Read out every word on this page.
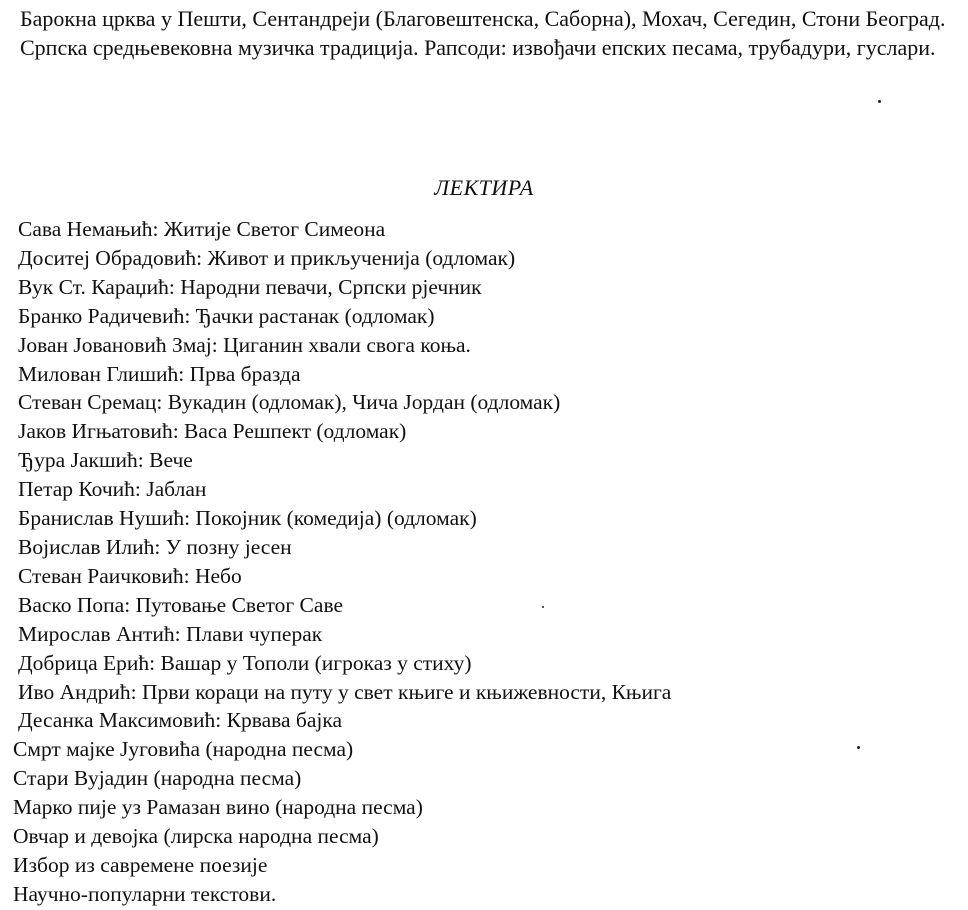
Барокна црква у Пешти, Сентандреји (Благовештенска, Саборна), Мохач, Сегедин, Стони Београд.

Српска средњевековна музичка традиција. Рапсоди: извођачи епских песама, трубадури, гуслари.

ЛЕКТИРА
Сава Немањић: Житије Светог Симеона
Доситеј Обрадовић: Живот и прикљученија (одломак)
Вук Ст. Караџић: Народни певачи, Српски рјечник
Бранко Радичевић: Ђачки растанак (одломак)
Јован Јовановић Змај: Циганин хвали свога коња.
Милован Глишић: Прва бразда
Стеван Сремац: Вукадин (одломак), Чича Јордан (одломак)
Јаков Игњатовић: Васа Решпект (одломак)
Ђура Јакшић: Вече
Петар Кочић: Јаблан
Бранислав Нушић: Покојник (комедија) (одломак)
Војислав Илић: У позну јесен
Стеван Раичковић: Небо
Васко Попа: Путовање Светог Саве
Мирослав Антић: Плави чуперак
Добрица Ерић: Вашар у Тополи (игроказ у стиху)
Иво Андрић: Први кораци на путу у свет књиге и књижевности, Књига
Десанка Максимовић: Крвава бајка
Смрт мајке Југовића (народна песма)
Стари Вујадин (народна песма)
Марко пије уз Рамазан вино (народна песма)
Овчар и девојка (лирска народна песма)
Избор из савремене поезије
Научно-популарни текстови.
